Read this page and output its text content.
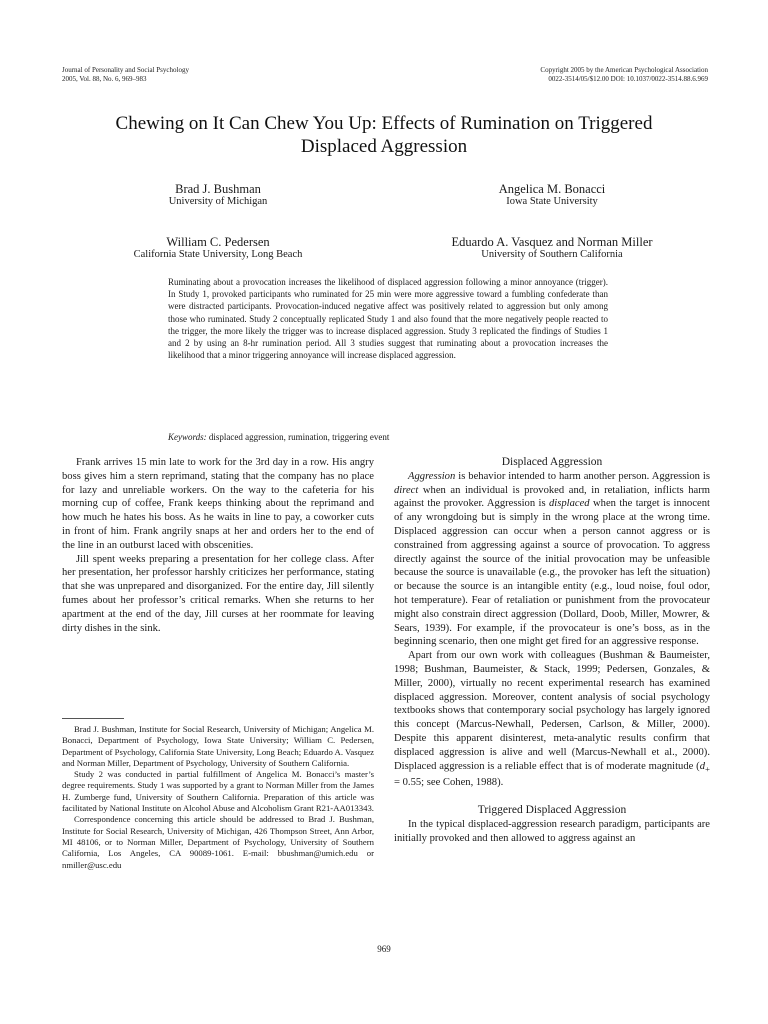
Journal of Personality and Social Psychology
2005, Vol. 88, No. 6, 969–983
Copyright 2005 by the American Psychological Association
0022-3514/05/$12.00 DOI: 10.1037/0022-3514.88.6.969
Chewing on It Can Chew You Up: Effects of Rumination on Triggered
Displaced Aggression
Brad J. Bushman
University of Michigan
Angelica M. Bonacci
Iowa State University
William C. Pedersen
California State University, Long Beach
Eduardo A. Vasquez and Norman Miller
University of Southern California
Ruminating about a provocation increases the likelihood of displaced aggression following a minor annoyance (trigger). In Study 1, provoked participants who ruminated for 25 min were more aggressive toward a fumbling confederate than were distracted participants. Provocation-induced negative affect was positively related to aggression but only among those who ruminated. Study 2 conceptually replicated Study 1 and also found that the more negatively people reacted to the trigger, the more likely the trigger was to increase displaced aggression. Study 3 replicated the findings of Studies 1 and 2 by using an 8-hr rumination period. All 3 studies suggest that ruminating about a provocation increases the likelihood that a minor triggering annoyance will increase displaced aggression.
Keywords: displaced aggression, rumination, triggering event

Frank arrives 15 min late to work for the 3rd day in a row. His angry boss gives him a stern reprimand, stating that the company has no place for lazy and unreliable workers. On the way to the cafeteria for his morning cup of coffee, Frank keeps thinking about the reprimand and how much he hates his boss. As he waits in line to pay, a coworker cuts in front of him. Frank angrily snaps at her and orders her to the end of the line in an outburst laced with obscenities.

Jill spent weeks preparing a presentation for her college class. After her presentation, her professor harshly criticizes her performance, stating that she was unprepared and disorganized. For the entire day, Jill silently fumes about her professor’s critical remarks. When she returns to her apartment at the end of the day, Jill curses at her roommate for leaving dirty dishes in the sink.

Brad J. Bushman, Institute for Social Research, University of Michigan; Angelica M. Bonacci, Department of Psychology, Iowa State University; William C. Pedersen, Department of Psychology, California State University, Long Beach; Eduardo A. Vasquez and Norman Miller, Department of Psychology, University of Southern California.

Study 2 was conducted in partial fulfillment of Angelica M. Bonacci’s master’s degree requirements. Study 1 was supported by a grant to Norman Miller from the James H. Zumberge fund, University of Southern California. Preparation of this article was facilitated by National Institute on Alcohol Abuse and Alcoholism Grant R21-AA013343.

Correspondence concerning this article should be addressed to Brad J. Bushman, Institute for Social Research, University of Michigan, 426 Thompson Street, Ann Arbor, MI 48106, or to Norman Miller, Department of Psychology, University of Southern California, Los Angeles, CA 90089-1061. E-mail: bbushman@umich.edu or nmiller@usc.edu

Displaced Aggression

Aggression is behavior intended to harm another person. Aggression is direct when an individual is provoked and, in retaliation, inflicts harm against the provoker. Aggression is displaced when the target is innocent of any wrongdoing but is simply in the wrong place at the wrong time. Displaced aggression can occur when a person cannot aggress or is constrained from aggressing against a source of provocation. To aggress directly against the source of the initial provocation may be unfeasible because the source is unavailable (e.g., the provoker has left the situation) or because the source is an intangible entity (e.g., loud noise, foul odor, hot temperature). Fear of retaliation or punishment from the provocateur might also constrain direct aggression (Dollard, Doob, Miller, Mowrer, & Sears, 1939). For example, if the provocateur is one’s boss, as in the beginning scenario, then one might get fired for an aggressive response.

Apart from our own work with colleagues (Bushman & Baumeister, 1998; Bushman, Baumeister, & Stack, 1999; Pedersen, Gonzales, & Miller, 2000), virtually no recent experimental research has examined displaced aggression. Moreover, content analysis of social psychology textbooks shows that contemporary social psychology has largely ignored this concept (Marcus-Newhall, Pedersen, Carlson, & Miller, 2000). Despite this apparent disinterest, meta-analytic results confirm that displaced aggression is alive and well (Marcus-Newhall et al., 2000). Displaced aggression is a reliable effect that is of moderate magnitude ($d_+ = 0.55$; see Cohen, 1988).

Triggered Displaced Aggression

In the typical displaced-aggression research paradigm, participants are initially provoked and then allowed to aggress against an

969
